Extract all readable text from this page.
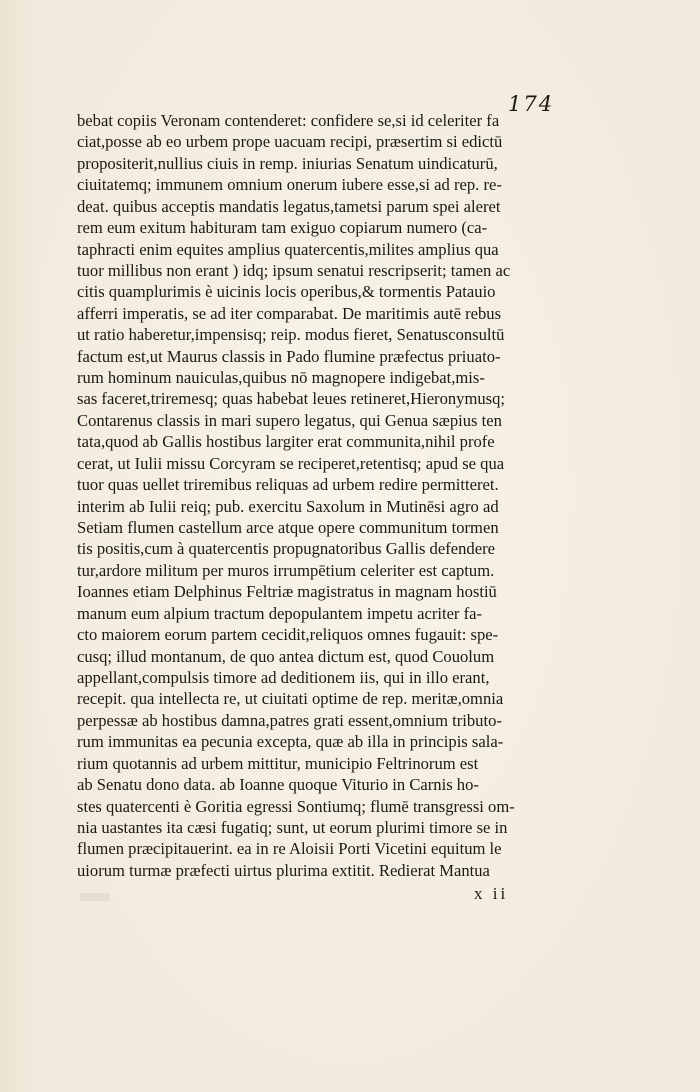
174
bebat copiis Veronam contenderet: confidere se,si id celeriter fa
ciat,posse ab eo urbem prope uacuam recipi, præsertim si edictū
propositerit,nullius ciuis in remp. iniurias Senatum uindicaturū,
ciuitatemq; immunem omnium onerum iubere esse,si ad rep. re-
deat. quibus acceptis mandatis legatus,tametsi parum spei aleret
rem eum exitum habituram tam exiguo copiarum numero (ca-
taphracti enim equites amplius quatercentis,milites amplius qua
tuor millibus non erant ) idq; ipsum senatui rescripserit; tamen ac
citis quamplurimis è uicinis locis operibus,& tormentis Patauio
afferri imperatis, se ad iter comparabat. De maritimis autē rebus
ut ratio haberetur,impensisq; reip. modus fieret, Senatusconsultū
factum est,ut Maurus classis in Pado flumine præfectus priuato-
rum hominum nauiculas,quibus nō magnopere indigebat,mis-
sas faceret,triremesq; quas habebat leues retineret,Hieronymusq;
Contarenus classis in mari supero legatus, qui Genua sæpius ten
tata,quod ab Gallis hostibus largiter erat communita,nihil profe
cerat, ut Iulii missu Corcyram se reciperet,retentisq; apud se qua
tuor quas uellet triremibus reliquas ad urbem redire permitteret.
interim ab Iulii reiq; pub. exercitu Saxolum in Mutinēsi agro ad
Setiam flumen castellum arce atque opere communitum tormen
tis positis,cum à quatercentis propugnatoribus Gallis defendere
tur,ardore militum per muros irrumpētium celeriter est captum.
Ioannes etiam Delphinus Feltriæ magistratus in magnam hostiū
manum eum alpium tractum depopulantem impetu acriter fa-
cto maiorem eorum partem cecidit,reliquos omnes fugauit: spe-
cusq; illud montanum, de quo antea dictum est, quod Couolum
appellant,compulsis timore ad deditionem iis, qui in illo erant,
recepit. qua intellecta re, ut ciuitati optime de rep. meritæ,omnia
perpessæ ab hostibus damna,patres grati essent,omnium tributo-
rum immunitas ea pecunia excepta, quæ ab illa in principis sala-
rium quotannis ad urbem mittitur, municipio Feltrinorum est
ab Senatu dono data. ab Ioanne quoque Viturio in Carnis ho-
stes quatercenti è Goritia egressi Sontiumq; flumē transgressi om-
nia uastantes ita cæsi fugatiq; sunt, ut eorum plurimi timore se in
flumen præcipitauerint. ea in re Aloisii Porti Vicetini equitum le
uiorum turmæ præfecti uirtus plurima extitit. Redierat Mantua
x ii
